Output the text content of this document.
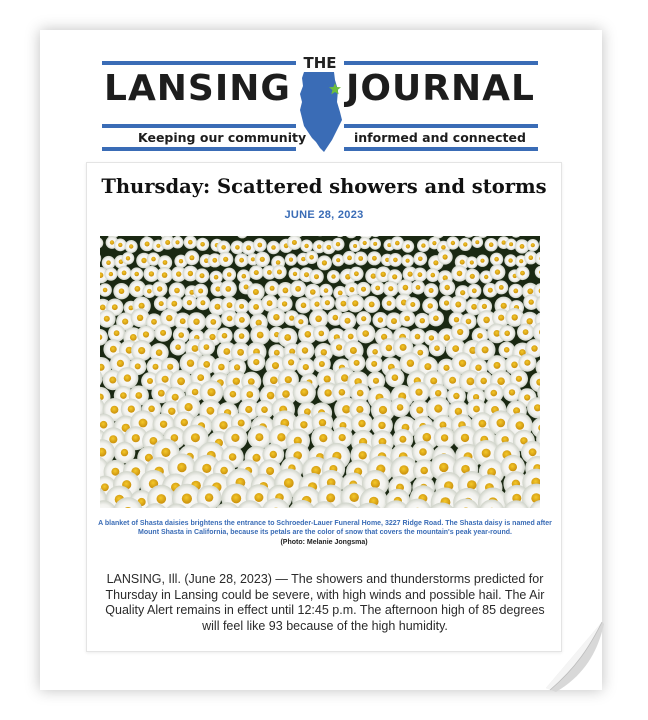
THE
LANSING JOURNAL
Keeping our community	informed and connected
Thursday: Scattered showers and storms
JUNE 28, 2023
A blanket of Shasta daisies brightens the entrance to Schroeder-Lauer Funeral Home, 3227 Ridge Road. The Shasta daisy is named after Mount Shasta in California, because its petals are the color of snow that covers the mountain's peak year-round.
(Photo: Melanie Jongsma)

LANSING, Ill. (June 28, 2023) — The showers and thunderstorms predicted for Thursday in Lansing could be severe, with high winds and possible hail. The Air Quality Alert remains in effect until 12:45 p.m. The afternoon high of 85 degrees will feel like 93 because of the high humidity.
